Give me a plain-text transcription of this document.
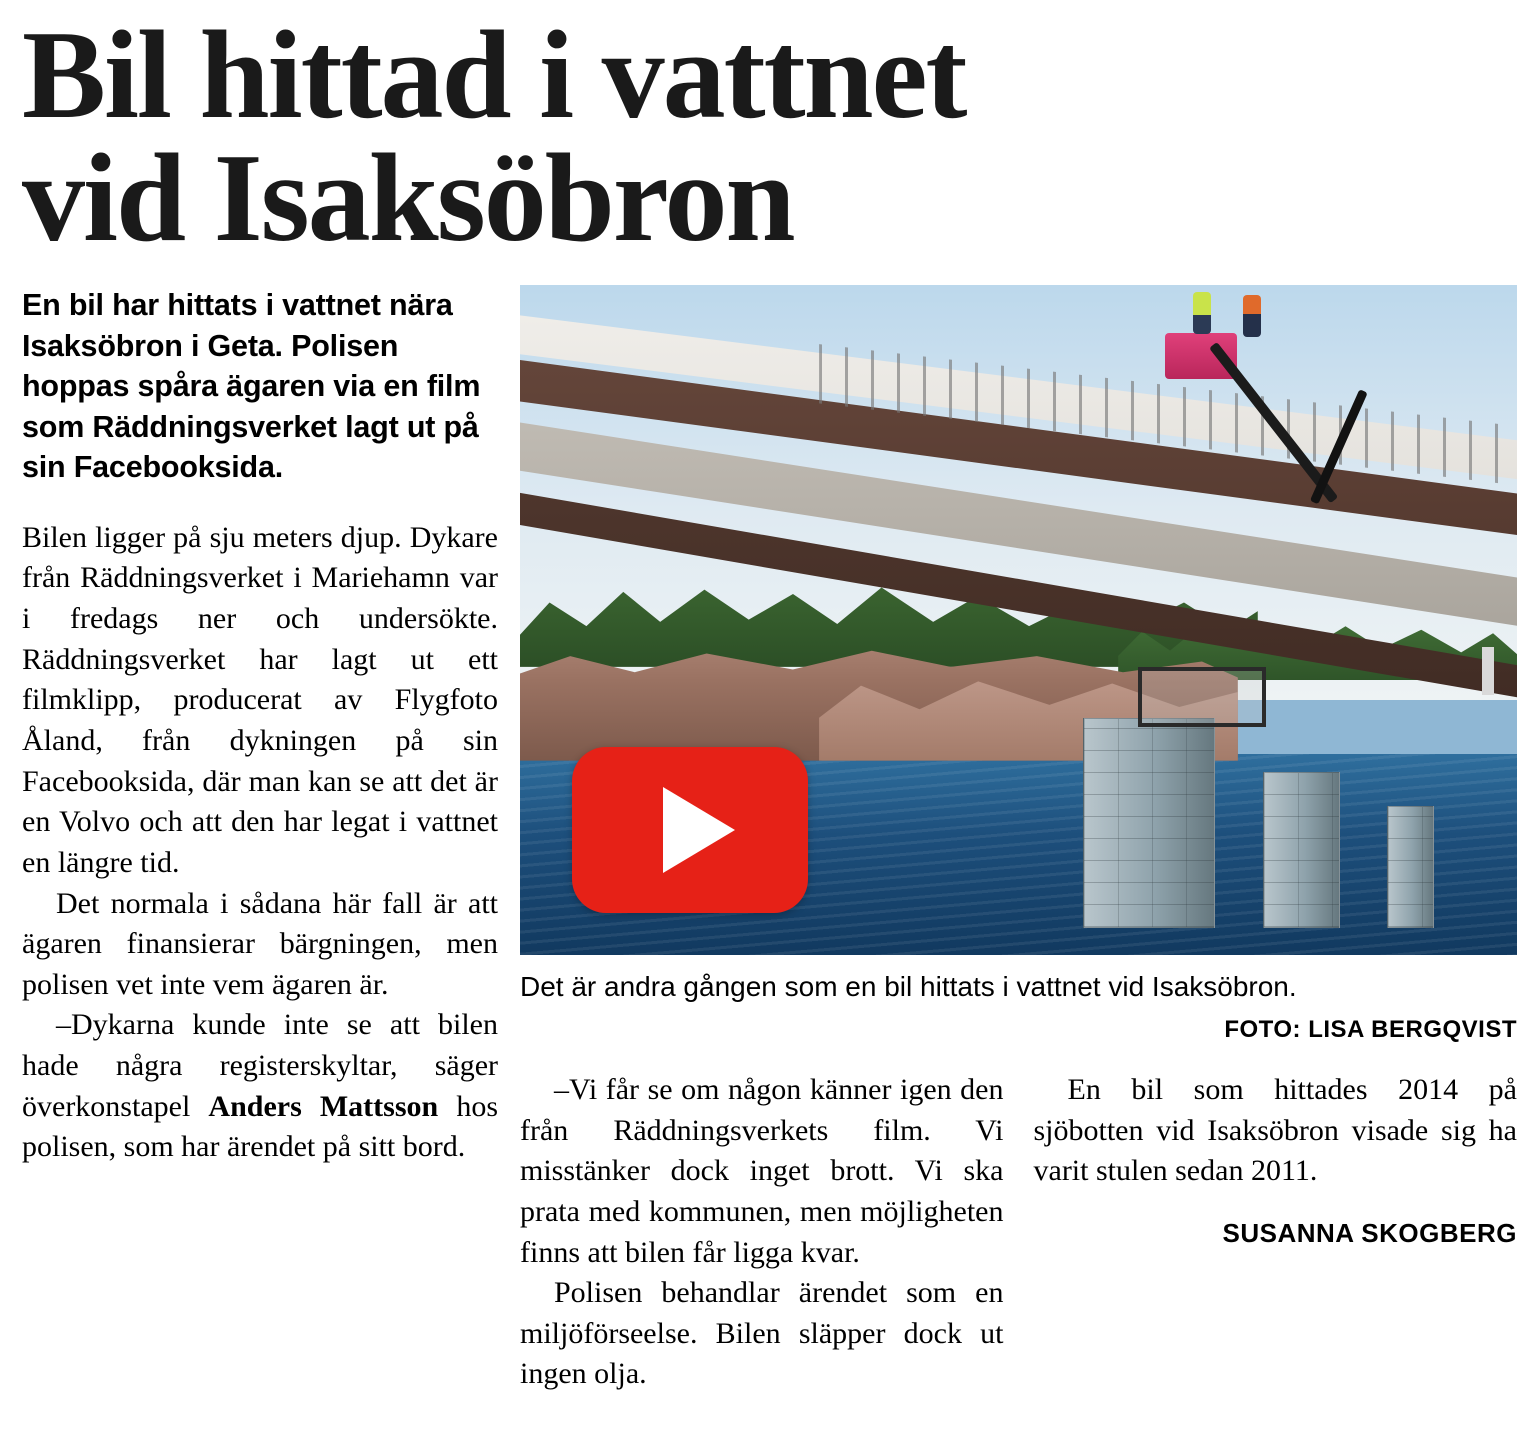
Bil hittad i vattnet
vid Isaksöbron

En bil har hittats i vattnet nära Isaksöbron i Geta. Polisen hoppas spåra ägaren via en film som Räddningsverket lagt ut på sin Facebooksida.

Bilen ligger på sju meters djup. Dykare från Räddningsverket i Mariehamn var i fredags ner och undersökte. Räddningsverket har lagt ut ett filmklipp, producerat av Flygfoto Åland, från dykningen på sin Facebooksida, där man kan se att det är en Volvo och att den har legat i vattnet en längre tid.

Det normala i sådana här fall är att ägaren finansierar bärgningen, men polisen vet inte vem ägaren är.

–Dykarna kunde inte se att bilen hade några registerskyltar, säger överkonstapel Anders Mattsson hos polisen, som har ärendet på sitt bord.

Det är andra gången som en bil hittats i vattnet vid Isaksöbron.

FOTO: LISA BERGQVIST

–Vi får se om någon känner igen den från Räddningsverkets film. Vi misstänker dock inget brott. Vi ska prata med kommunen, men möjligheten finns att bilen får ligga kvar.

Polisen behandlar ärendet som en miljöförseelse. Bilen släpper dock ut ingen olja.

En bil som hittades 2014 på sjöbotten vid Isaksöbron visade sig ha varit stulen sedan 2011.

SUSANNA SKOGBERG
